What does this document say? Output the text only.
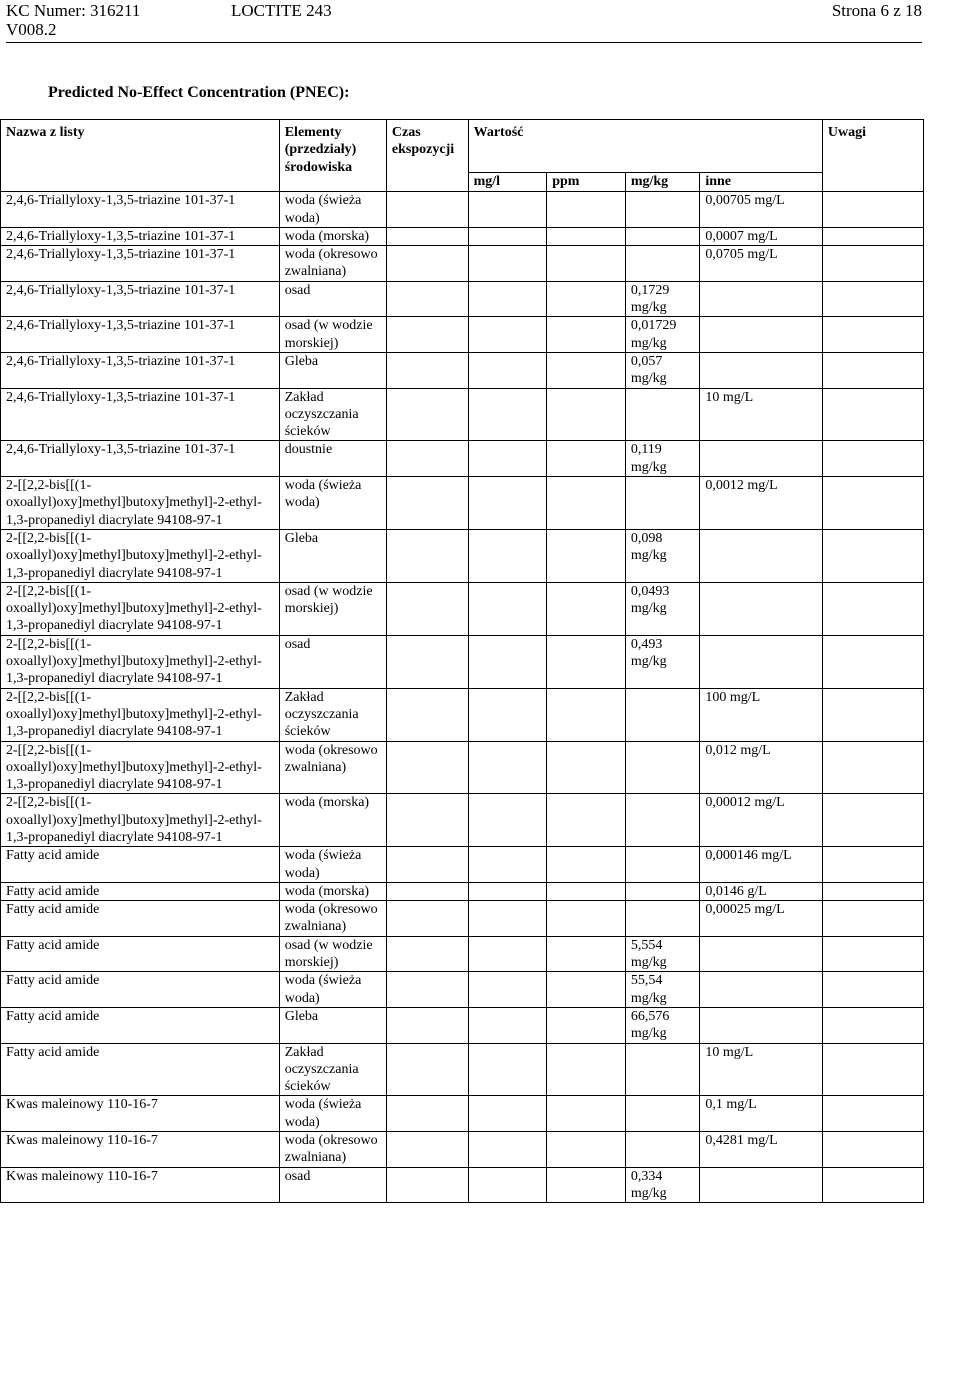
KC Numer: 316211	LOCTITE 243	Strona 6 z 18
V008.2
Predicted No-Effect Concentration (PNEC):
Nazwa z listy	Elementy (przedziały) środowiska	Czas ekspozycji	Wartość				Uwagi
			mg/l	ppm	mg/kg	inne	
2,4,6-Triallyloxy-1,3,5-triazine 101-37-1	woda (świeża woda)					0,00705 mg/L	
2,4,6-Triallyloxy-1,3,5-triazine 101-37-1	woda (morska)					0,0007 mg/L	
2,4,6-Triallyloxy-1,3,5-triazine 101-37-1	woda (okresowo zwalniana)					0,0705 mg/L	
2,4,6-Triallyloxy-1,3,5-triazine 101-37-1	osad				0,1729 mg/kg		
2,4,6-Triallyloxy-1,3,5-triazine 101-37-1	osad (w wodzie morskiej)				0,01729 mg/kg		
2,4,6-Triallyloxy-1,3,5-triazine 101-37-1	Gleba				0,057 mg/kg		
2,4,6-Triallyloxy-1,3,5-triazine 101-37-1	Zakład oczyszczania ścieków					10 mg/L	
2,4,6-Triallyloxy-1,3,5-triazine 101-37-1	doustnie				0,119 mg/kg		
2-[[2,2-bis[[(1-oxoallyl)oxy]methyl]butoxy]methyl]-2-ethyl-1,3-propanediyl diacrylate 94108-97-1	woda (świeża woda)					0,0012 mg/L	
2-[[2,2-bis[[(1-oxoallyl)oxy]methyl]butoxy]methyl]-2-ethyl-1,3-propanediyl diacrylate 94108-97-1	Gleba				0,098 mg/kg		
2-[[2,2-bis[[(1-oxoallyl)oxy]methyl]butoxy]methyl]-2-ethyl-1,3-propanediyl diacrylate 94108-97-1	osad (w wodzie morskiej)				0,0493 mg/kg		
2-[[2,2-bis[[(1-oxoallyl)oxy]methyl]butoxy]methyl]-2-ethyl-1,3-propanediyl diacrylate 94108-97-1	osad				0,493 mg/kg		
2-[[2,2-bis[[(1-oxoallyl)oxy]methyl]butoxy]methyl]-2-ethyl-1,3-propanediyl diacrylate 94108-97-1	Zakład oczyszczania ścieków					100 mg/L	
2-[[2,2-bis[[(1-oxoallyl)oxy]methyl]butoxy]methyl]-2-ethyl-1,3-propanediyl diacrylate 94108-97-1	woda (okresowo zwalniana)					0,012 mg/L	
2-[[2,2-bis[[(1-oxoallyl)oxy]methyl]butoxy]methyl]-2-ethyl-1,3-propanediyl diacrylate 94108-97-1	woda (morska)					0,00012 mg/L	
Fatty acid amide	woda (świeża woda)					0,000146 mg/L	
Fatty acid amide	woda (morska)					0,0146 g/L	
Fatty acid amide	woda (okresowo zwalniana)					0,00025 mg/L	
Fatty acid amide	osad (w wodzie morskiej)				5,554 mg/kg		
Fatty acid amide	woda (świeża woda)				55,54 mg/kg		
Fatty acid amide	Gleba				66,576 mg/kg		
Fatty acid amide	Zakład oczyszczania ścieków					10 mg/L	
Kwas maleinowy 110-16-7	woda (świeża woda)					0,1 mg/L	
Kwas maleinowy 110-16-7	woda (okresowo zwalniana)					0,4281 mg/L	
Kwas maleinowy 110-16-7	osad				0,334 mg/kg		
